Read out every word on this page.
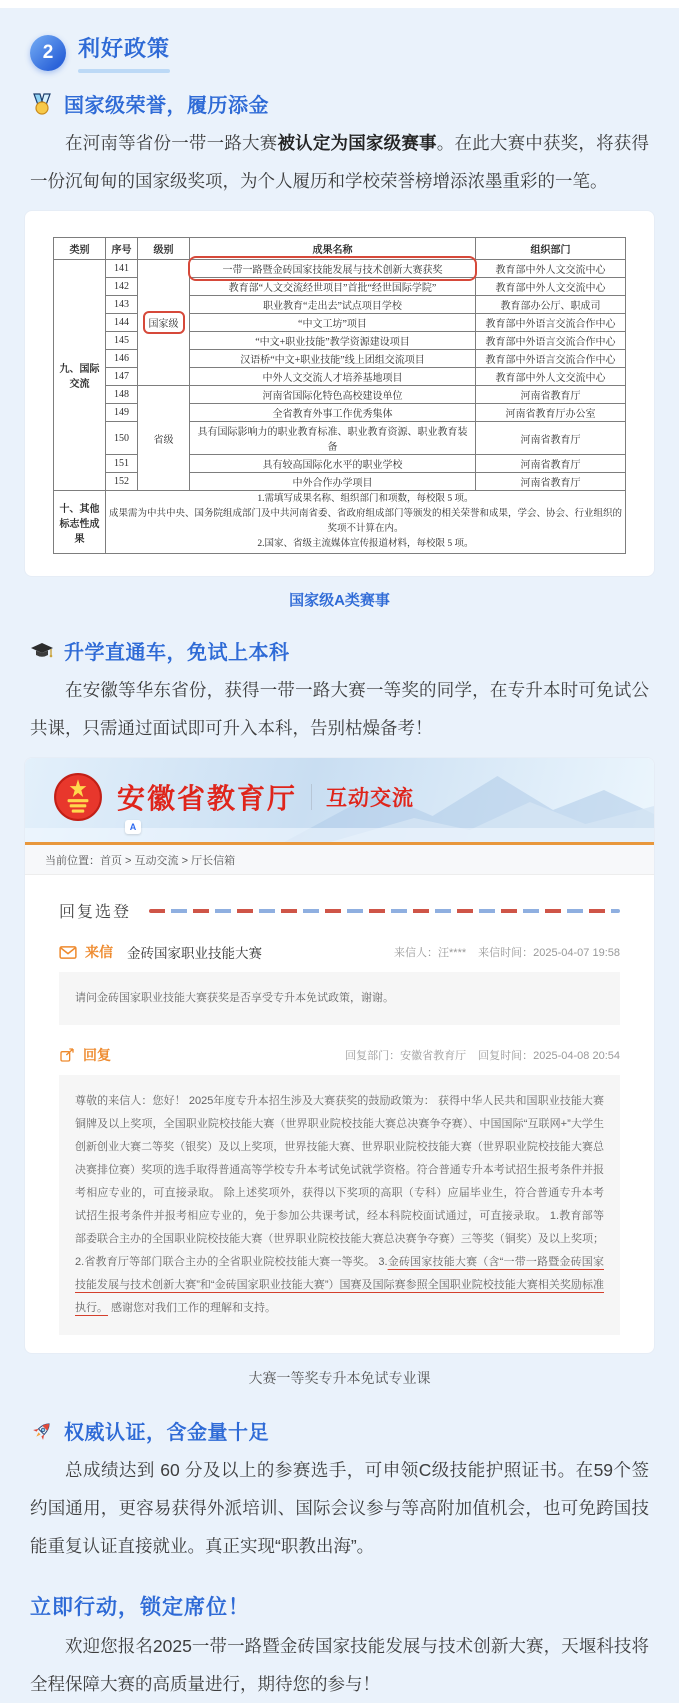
2	利好政策
国家级荣誉，履历添金

在河南等省份一带一路大赛被认定为国家级赛事。在此大赛中获奖，将获得一份沉甸甸的国家级奖项，为个人履历和学校荣誉榜增添浓墨重彩的一笔。

类别	序号	级别	成果名称	组织部门
九、国际交流	141	国家级	一带一路暨金砖国家技能发展与技术创新大赛获奖	教育部中外人文交流中心
	142		教育部“人文交流经世项目”首批“经世国际学院”	教育部中外人文交流中心
	143		职业教育“走出去”试点项目学校	教育部办公厅、职成司
	144		“中文工坊”项目	教育部中外语言交流合作中心
	145		“中文+职业技能”教学资源建设项目	教育部中外语言交流合作中心
	146		汉语桥“中文+职业技能”线上团组交流项目	教育部中外语言交流合作中心
	147		中外人文交流人才培养基地项目	教育部中外人文交流中心
	148	省级	河南省国际化特色高校建设单位	河南省教育厅
	149		全省教育外事工作优秀集体	河南省教育厅办公室
	150		具有国际影响力的职业教育标准、职业教育资源、职业教育装备	河南省教育厅
	151		具有较高国际化水平的职业学校	河南省教育厅
	152		中外合作办学项目	河南省教育厅
十、其他标志性成果	1.需填写成果名称、组织部门和项数，每校限 5 项。
成果需为中共中央、国务院组成部门及中共河南省委、省政府组成部门等颁发的相关荣誉和成果，学会、协会、行业组织的奖项不计算在内。
2.国家、省级主流媒体宣传报道材料，每校限 5 项。			
国家级A类赛事
升学直通车，免试上本科

在安徽等华东省份，获得一带一路大赛一等奖的同学，在专升本时可免试公共课，只需通过面试即可升入本科，告别枯燥备考！

安徽省教育厅 互动交流
A
当前位置：首页 > 互动交流 > 厅长信箱
回复选登
来信 金砖国家职业技能大赛	来信人：汪**** 来信时间：2025-04-07 19:58
请问金砖国家职业技能大赛获奖是否享受专升本免试政策，谢谢。
回复	回复部门：安徽省教育厅 回复时间：2025-04-08 20:54
尊敬的来信人：您好！ 2025年度专升本招生涉及大赛获奖的鼓励政策为： 获得中华人民共和国职业技能大赛铜牌及以上奖项，全国职业院校技能大赛（世界职业院校技能大赛总决赛争夺赛）、中国国际“互联网+”大学生创新创业大赛二等奖（银奖）及以上奖项，世界技能大赛、世界职业院校技能大赛（世界职业院校技能大赛总决赛排位赛）奖项的选手取得普通高等学校专升本考试免试就学资格。符合普通专升本考试招生报考条件并报考相应专业的，可直接录取。 除上述奖项外，获得以下奖项的高职（专科）应届毕业生，符合普通专升本考试招生报考条件并报考相应专业的，免于参加公共课考试，经本科院校面试通过，可直接录取。 1.教育部等部委联合主办的全国职业院校技能大赛（世界职业院校技能大赛总决赛争夺赛）三等奖（铜奖）及以上奖项； 2.省教育厅等部门联合主办的全省职业院校技能大赛一等奖。 3.金砖国家技能大赛（含“一带一路暨金砖国家技能发展与技术创新大赛”和“金砖国家职业技能大赛”）国赛及国际赛参照全国职业院校技能大赛相关奖励标准执行。 感谢您对我们工作的理解和支持。
大赛一等奖专升本免试专业课
权威认证，含金量十足

总成绩达到 60 分及以上的参赛选手，可申领C级技能护照证书。在59个签约国通用，更容易获得外派培训、国际会议参与等高附加值机会，也可免跨国技能重复认证直接就业。真正实现“职教出海”。

立即行动，锁定席位！

欢迎您报名2025一带一路暨金砖国家技能发展与技术创新大赛，天堰科技将全程保障大赛的高质量进行，期待您的参与！
